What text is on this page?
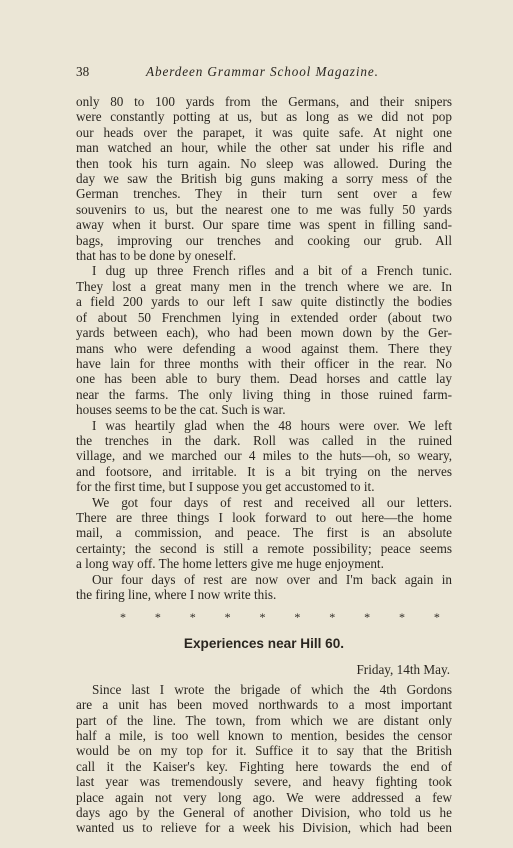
38	Aberdeen Grammar School Magazine.

only 80 to 100 yards from the Germans, and their snipers

were constantly potting at us, but as long as we did not pop

our heads over the parapet, it was quite safe. At night one

man watched an hour, while the other sat under his rifle and

then took his turn again. No sleep was allowed. During the

day we saw the British big guns making a sorry mess of the

German trenches. They in their turn sent over a few

souvenirs to us, but the nearest one to me was fully 50 yards

away when it burst. Our spare time was spent in filling sand-

bags, improving our trenches and cooking our grub. All

that has to be done by oneself.

I dug up three French rifles and a bit of a French tunic.

They lost a great many men in the trench where we are. In

a field 200 yards to our left I saw quite distinctly the bodies

of about 50 Frenchmen lying in extended order (about two

yards between each), who had been mown down by the Ger-

mans who were defending a wood against them. There they

have lain for three months with their officer in the rear. No

one has been able to bury them. Dead horses and cattle lay

near the farms. The only living thing in those ruined farm-

houses seems to be the cat. Such is war.

I was heartily glad when the 48 hours were over. We left

the trenches in the dark. Roll was called in the ruined

village, and we marched our 4 miles to the huts—oh, so weary,

and footsore, and irritable. It is a bit trying on the nerves

for the first time, but I suppose you get accustomed to it.

We got four days of rest and received all our letters.

There are three things I look forward to out here—the home

mail, a commission, and peace. The first is an absolute

certainty; the second is still a remote possibility; peace seems

a long way off. The home letters give me huge enjoyment.

Our four days of rest are now over and I'm back again in

the firing line, where I now write this.

* * * * * * * * * *
Experiences near Hill 60.
Friday, 14th May.

Since last I wrote the brigade of which the 4th Gordons

are a unit has been moved northwards to a most important

part of the line. The town, from which we are distant only

half a mile, is too well known to mention, besides the censor

would be on my top for it. Suffice it to say that the British

call it the Kaiser's key. Fighting here towards the end of

last year was tremendously severe, and heavy fighting took

place again not very long ago. We were addressed a few

days ago by the General of another Division, who told us he

wanted us to relieve for a week his Division, which had been
